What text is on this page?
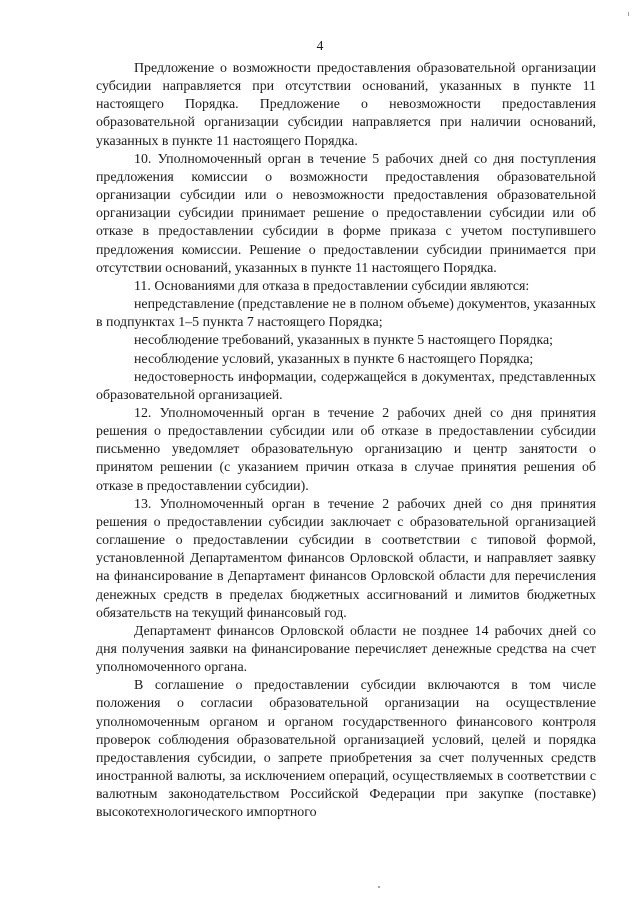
4

Предложение о возможности предоставления образовательной организации субсидии направляется при отсутствии оснований, указанных в пункте 11 настоящего Порядка. Предложение о невозможности предоставления образовательной организации субсидии направляется при наличии оснований, указанных в пункте 11 настоящего Порядка.

10. Уполномоченный орган в течение 5 рабочих дней со дня поступления предложения комиссии о возможности предоставления образовательной организации субсидии или о невозможности предоставления образовательной организации субсидии принимает решение о предоставлении субсидии или об отказе в предоставлении субсидии в форме приказа с учетом поступившего предложения комиссии. Решение о предоставлении субсидии принимается при отсутствии оснований, указанных в пункте 11 настоящего Порядка.

11. Основаниями для отказа в предоставлении субсидии являются:

непредставление (представление не в полном объеме) документов, указанных в подпунктах 1–5 пункта 7 настоящего Порядка;

несоблюдение требований, указанных в пункте 5 настоящего Порядка;

несоблюдение условий, указанных в пункте 6 настоящего Порядка;

недостоверность информации, содержащейся в документах, представленных образовательной организацией.

12. Уполномоченный орган в течение 2 рабочих дней со дня принятия решения о предоставлении субсидии или об отказе в предоставлении субсидии письменно уведомляет образовательную организацию и центр занятости о принятом решении (с указанием причин отказа в случае принятия решения об отказе в предоставлении субсидии).

13. Уполномоченный орган в течение 2 рабочих дней со дня принятия решения о предоставлении субсидии заключает с образовательной организацией соглашение о предоставлении субсидии в соответствии с типовой формой, установленной Департаментом финансов Орловской области, и направляет заявку на финансирование в Департамент финансов Орловской области для перечисления денежных средств в пределах бюджетных ассигнований и лимитов бюджетных обязательств на текущий финансовый год.

Департамент финансов Орловской области не позднее 14 рабочих дней со дня получения заявки на финансирование перечисляет денежные средства на счет уполномоченного органа.

В соглашение о предоставлении субсидии включаются в том числе положения о согласии образовательной организации на осуществление уполномоченным органом и органом государственного финансового контроля проверок соблюдения образовательной организацией условий, целей и порядка предоставления субсидии, о запрете приобретения за счет полученных средств иностранной валюты, за исключением операций, осуществляемых в соответствии с валютным законодательством Российской Федерации при закупке (поставке) высокотехнологического импортного
